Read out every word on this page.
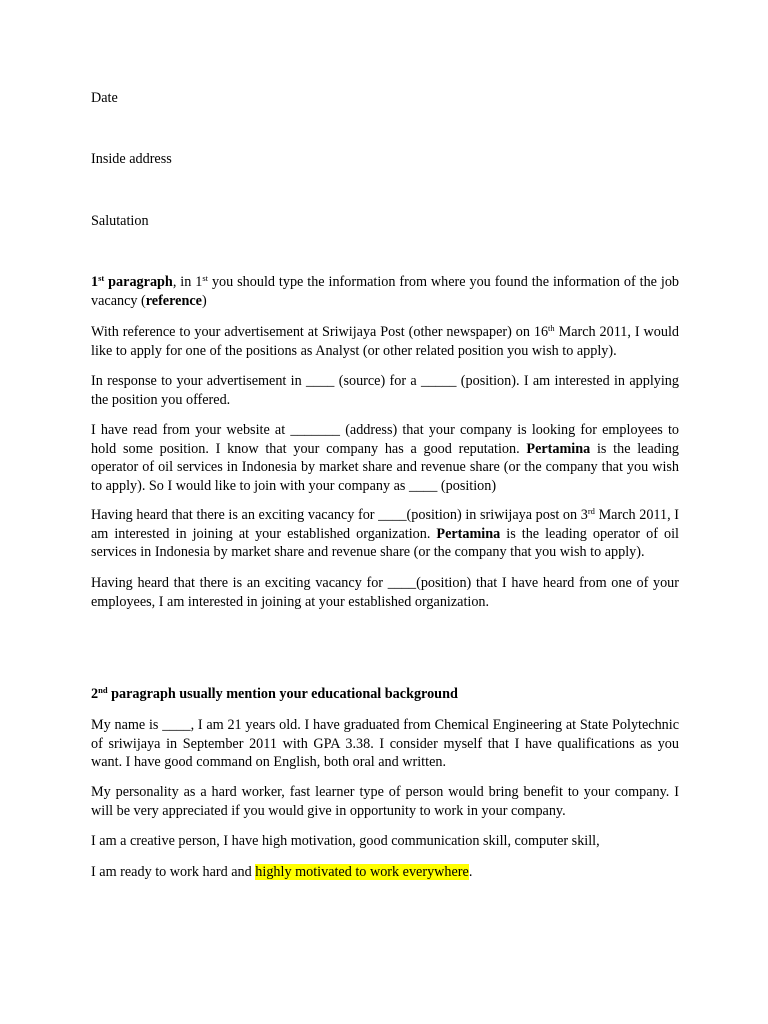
Date
Inside address
Salutation

1st paragraph, in 1st you should type the information from where you found the information of the job vacancy (reference)

With reference to your advertisement at Sriwijaya Post (other newspaper) on 16th March 2011, I would like to apply for one of the positions as Analyst (or other related position you wish to apply).

In response to your advertisement in ____ (source) for a _____ (position). I am interested in applying the position you offered.

I have read from your website at _______ (address) that your company is looking for employees to hold some position. I know that your company has a good reputation. Pertamina is the leading operator of oil services in Indonesia by market share and revenue share (or the company that you wish to apply). So I would like to join with your company as ____ (position)

Having heard that there is an exciting vacancy for ____(position) in sriwijaya post on 3rd March 2011, I am interested in joining at your established organization. Pertamina is the leading operator of oil services in Indonesia by market share and revenue share (or the company that you wish to apply).

Having heard that there is an exciting vacancy for ____(position) that I have heard from one of your employees, I am interested in joining at your established organization.

2nd paragraph usually mention your educational background

My name is ____, I am 21 years old. I have graduated from Chemical Engineering at State Polytechnic of sriwijaya in September 2011 with GPA 3.38. I consider myself that I have qualifications as you want. I have good command on English, both oral and written.

My personality as a hard worker, fast learner type of person would bring benefit to your company. I will be very appreciated if you would give in opportunity to work in your company.

I am a creative person, I have high motivation, good communication skill, computer skill,

I am ready to work hard and highly motivated to work everywhere.
